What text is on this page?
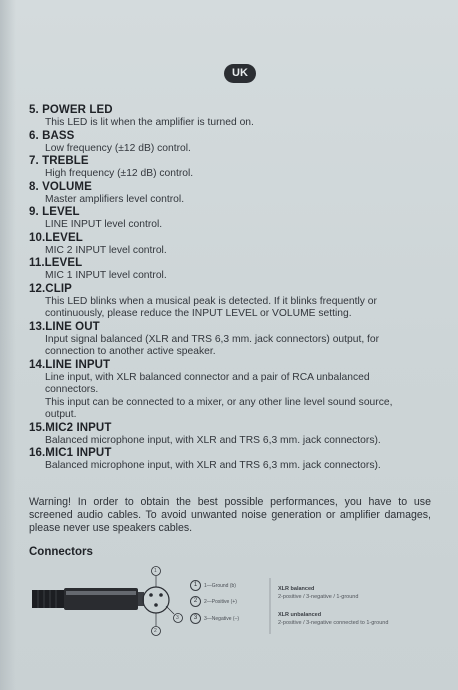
UK
5. POWER LED
This LED is lit when the amplifier is turned on.
6. BASS
Low frequency (±12 dB) control.
7. TREBLE
High frequency (±12 dB) control.
8. VOLUME
Master amplifiers level control.
9. LEVEL
LINE INPUT level control.
10.LEVEL
MIC 2 INPUT level control.
11.LEVEL
MIC 1 INPUT level control.
12.CLIP
This LED blinks when a musical peak is detected. If it blinks frequently or
continuously, please reduce the INPUT LEVEL or VOLUME setting.
13.LINE OUT
Input signal balanced (XLR and TRS 6,3 mm. jack connectors) output, for
connection to another active speaker.
14.LINE INPUT
Line input, with XLR balanced connector and a pair of RCA unbalanced
connectors.
This input can be connected to a mixer, or any other line level sound source,
output.
15.MIC2 INPUT
Balanced microphone input, with XLR and TRS 6,3 mm. jack connectors).
16.MIC1 INPUT
Balanced microphone input, with XLR and TRS 6,3 mm. jack connectors).
Warning! In order to obtain the best possible performances, you have to use screened audio cables. To avoid unwanted noise generation or amplifier damages, please never use speakers cables.
Connectors
1
2
3
1	1—Ground (b)
2	2—Positive (+)
3	3—Negative (–)
XLR balanced
2-positive / 3-negative / 1-ground
XLR unbalanced
2-positive / 3-negative connected to 1-ground
